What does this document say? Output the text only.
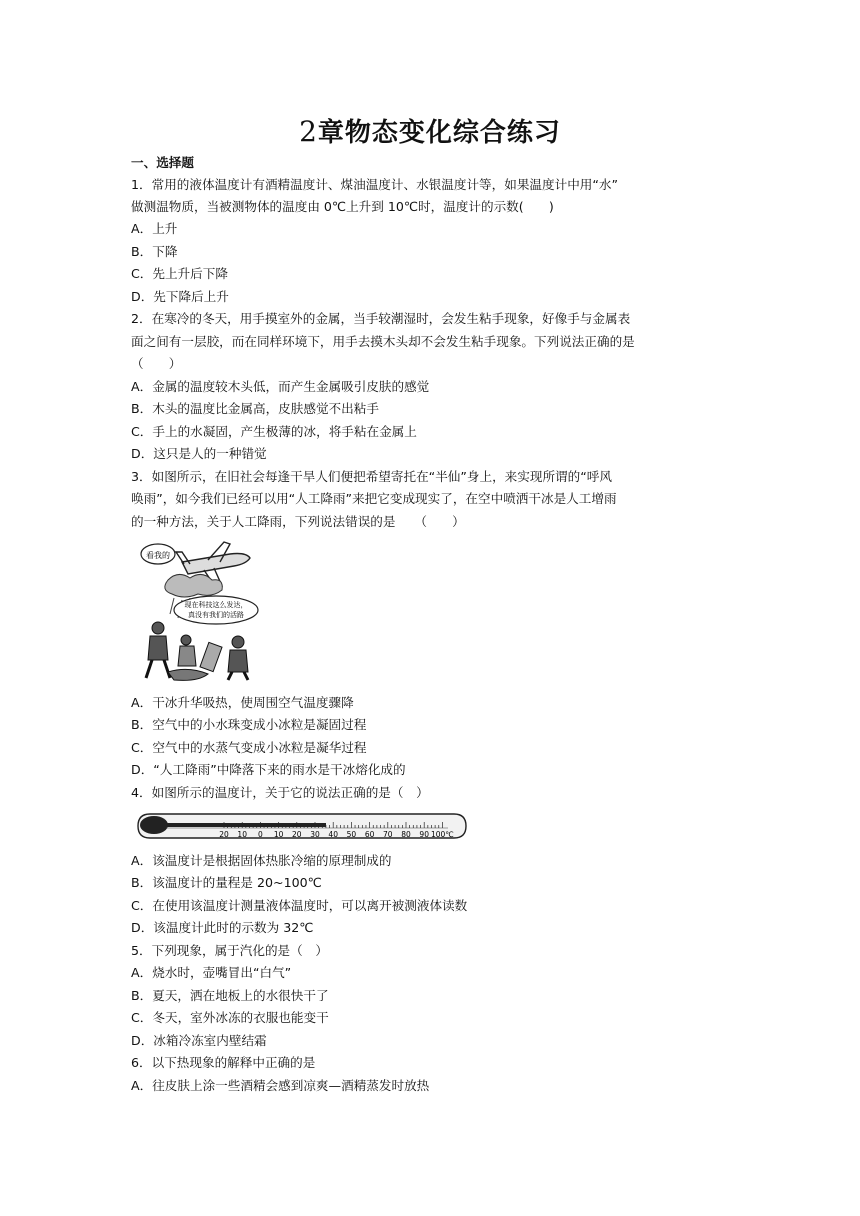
2章物态变化综合练习
一、选择题
1．常用的液体温度计有酒精温度计、煤油温度计、水银温度计等，如果温度计中用“水”
做测温物质，当被测物体的温度由 0℃上升到 10℃时，温度计的示数(　　)
A．上升
B．下降
C．先上升后下降
D．先下降后上升
2．在寒冷的冬天，用手摸室外的金属，当手较潮湿时，会发生粘手现象，好像手与金属表
面之间有一层胶，而在同样环境下，用手去摸木头却不会发生粘手现象。下列说法正确的是
（　　）
A．金属的温度较木头低，而产生金属吸引皮肤的感觉
B．木头的温度比金属高，皮肤感觉不出粘手
C．手上的水凝固，产生极薄的冰，将手粘在金属上
D．这只是人的一种错觉
3．如图所示，在旧社会每逢干旱人们便把希望寄托在“半仙”身上，来实现所谓的“呼风
唤雨”，如今我们已经可以用“人工降雨”来把它变成现实了，在空中喷洒干冰是人工增雨
的一种方法，关于人工降雨，下列说法错误的是　　（　　）
看我的
现在科技这么发达，
真没有我们的活路
A．干冰升华吸热，使周围空气温度骤降
B．空气中的小水珠变成小冰粒是凝固过程
C．空气中的水蒸气变成小冰粒是凝华过程
D．“人工降雨”中降落下来的雨水是干冰熔化成的
4．如图所示的温度计，关于它的说法正确的是（　）
20 10 0 10 20 30 40 50 60 70 80 90 100℃
A．该温度计是根据固体热胀冷缩的原理制成的
B．该温度计的量程是 20~100℃
C．在使用该温度计测量液体温度时，可以离开被测液体读数
D．该温度计此时的示数为 32℃
5．下列现象，属于汽化的是（　）
A．烧水时，壶嘴冒出“白气”
B．夏天，洒在地板上的水很快干了
C．冬天，室外冰冻的衣服也能变干
D．冰箱冷冻室内壁结霜
6．以下热现象的解释中正确的是
A．往皮肤上涂一些酒精会感到凉爽—酒精蒸发时放热
